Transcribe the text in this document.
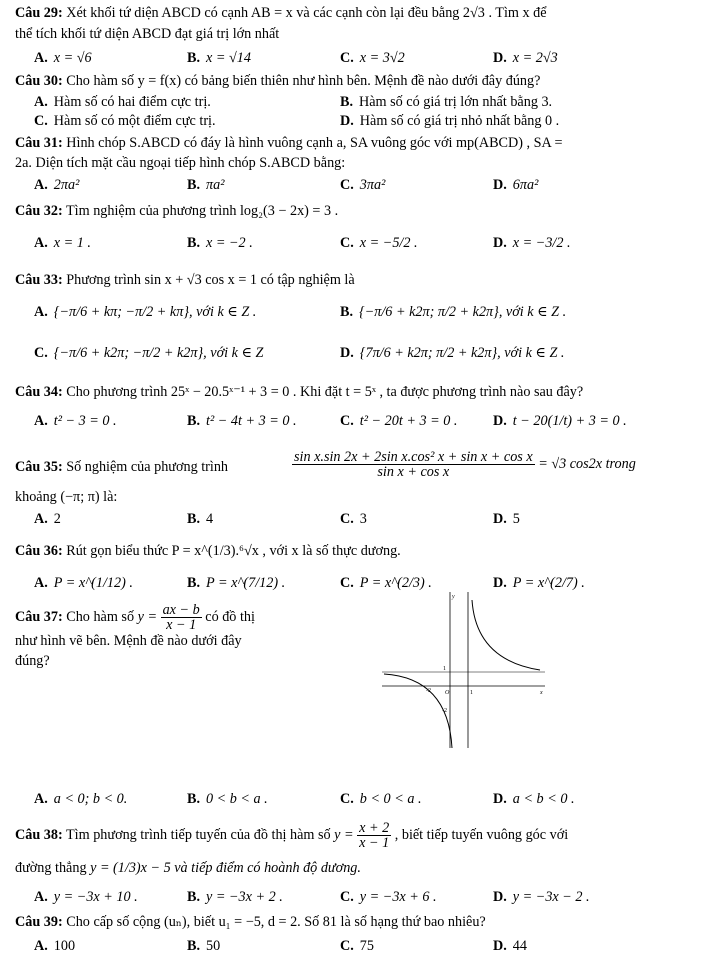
Câu 29: Xét khối tứ diện ABCD có cạnh AB = x và các cạnh còn lại đều bằng 2√3 . Tìm x để
thể tích khối tứ diện ABCD đạt giá trị lớn nhất
A. x = √6	B. x = √14	C. x = 3√2	D. x = 2√3
Câu 30: Cho hàm số y = f(x) có bảng biến thiên như hình bên. Mệnh đề nào dưới đây đúng?
A. Hàm số có hai điểm cực trị.	B. Hàm số có giá trị lớn nhất bằng 3.
C. Hàm số có một điểm cực trị.	D. Hàm số có giá trị nhỏ nhất bằng 0 .
Câu 31: Hình chóp S.ABCD có đáy là hình vuông cạnh a, SA vuông góc với mp(ABCD) , SA =
2a. Diện tích mặt cầu ngoại tiếp hình chóp S.ABCD bằng:
A. 2πa²	B. πa²	C. 3πa²	D. 6πa²
Câu 32: Tìm nghiệm của phương trình log₂(3 − 2x) = 3 .
A. x = 1 .	B. x = −2 .	C. x = −5/2 .	D. x = −3/2 .
Câu 33: Phương trình sin x + √3 cos x = 1 có tập nghiệm là
A. {−π/6 + kπ; −π/2 + kπ}, với k ∈ Z .	B. {−π/6 + k2π; π/2 + k2π}, với k ∈ Z .
C. {−π/6 + k2π; −π/2 + k2π}, với k ∈ Z	D. {7π/6 + k2π; π/2 + k2π}, với k ∈ Z .
Câu 34: Cho phương trình 25ˣ − 20.5ˣ⁻¹ + 3 = 0 . Khi đặt t = 5ˣ , ta được phương trình nào sau đây?
A. t² − 3 = 0 .	B. t² − 4t + 3 = 0 .	C. t² − 20t + 3 = 0 .	D. t − 20(1/t) + 3 = 0 .
Câu 35: Số nghiệm của phương trình	$\frac{\text{sin x.sin 2x + 2sin x.cos² x + sin x + cos x}}{\text{sin x + cos x}} = √3$ cos2x trong
khoảng (−π; π) là:
A. 2	B. 4	C. 3	D. 5
Câu 36: Rút gọn biểu thức P = x^(1/3).⁶√x , với x là số thực dương.
A. P = x^(1/12) .	B. P = x^(7/12) .	C. P = x^(2/3) .	D. P = x^(2/7) .
Câu 37: Cho hàm số $y = \frac{ax - b}{x - 1}$ có đồ thị
như hình vẽ bên. Mệnh đề nào dưới đây
đúng?
y
1
O	1	x
-2
-2
A. a < 0; b < 0.	B. 0 < b < a .	C. b < 0 < a .	D. a < b < 0 .
Câu 38: Tìm phương trình tiếp tuyến của đồ thị hàm số $y = \frac{x + 2}{x - 1}$ , biết tiếp tuyến vuông góc với
đường thẳng y = (1/3)x − 5 và tiếp điểm có hoành độ dương.
A. y = −3x + 10 .	B. y = −3x + 2 .	C. y = −3x + 6 .	D. y = −3x − 2 .
Câu 39: Cho cấp số cộng (uₙ), biết u₁ = −5, d = 2. Số 81 là số hạng thứ bao nhiêu?
A. 100	B. 50	C. 75	D. 44
